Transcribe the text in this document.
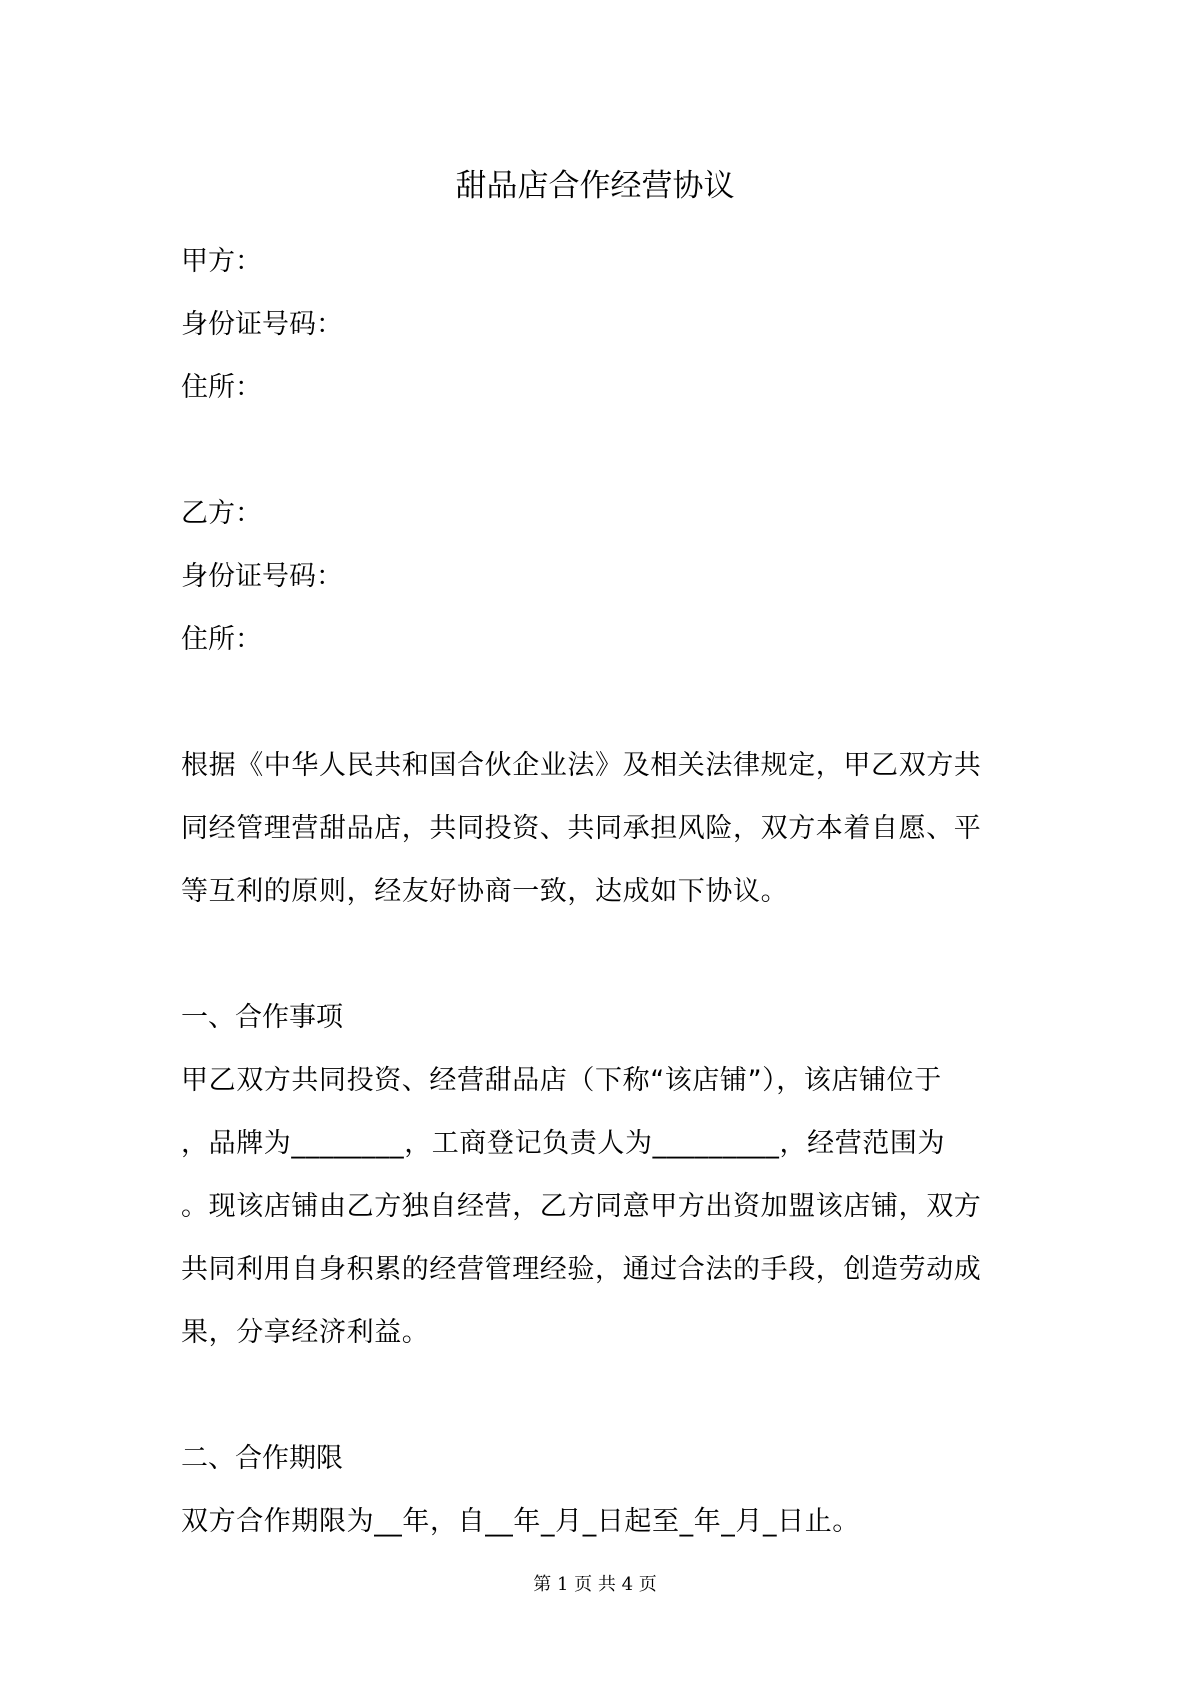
甜品店合作经营协议
甲方：
身份证号码：
住所：
乙方：
身份证号码：
住所：
根据《中华人民共和国合伙企业法》及相关法律规定，甲乙双方共
同经管理营甜品店，共同投资、共同承担风险，双方本着自愿、平
等互利的原则，经友好协商一致，达成如下协议。
一、合作事项
甲乙双方共同投资、经营甜品店（下称“该店铺”），该店铺位于
，品牌为________，工商登记负责人为_________，经营范围为
。现该店铺由乙方独自经营，乙方同意甲方出资加盟该店铺，双方
共同利用自身积累的经营管理经验，通过合法的手段，创造劳动成
果，分享经济利益。
二、合作期限
双方合作期限为__年，自__年_月_日起至_年_月_日止。
第 1 页 共 4 页
